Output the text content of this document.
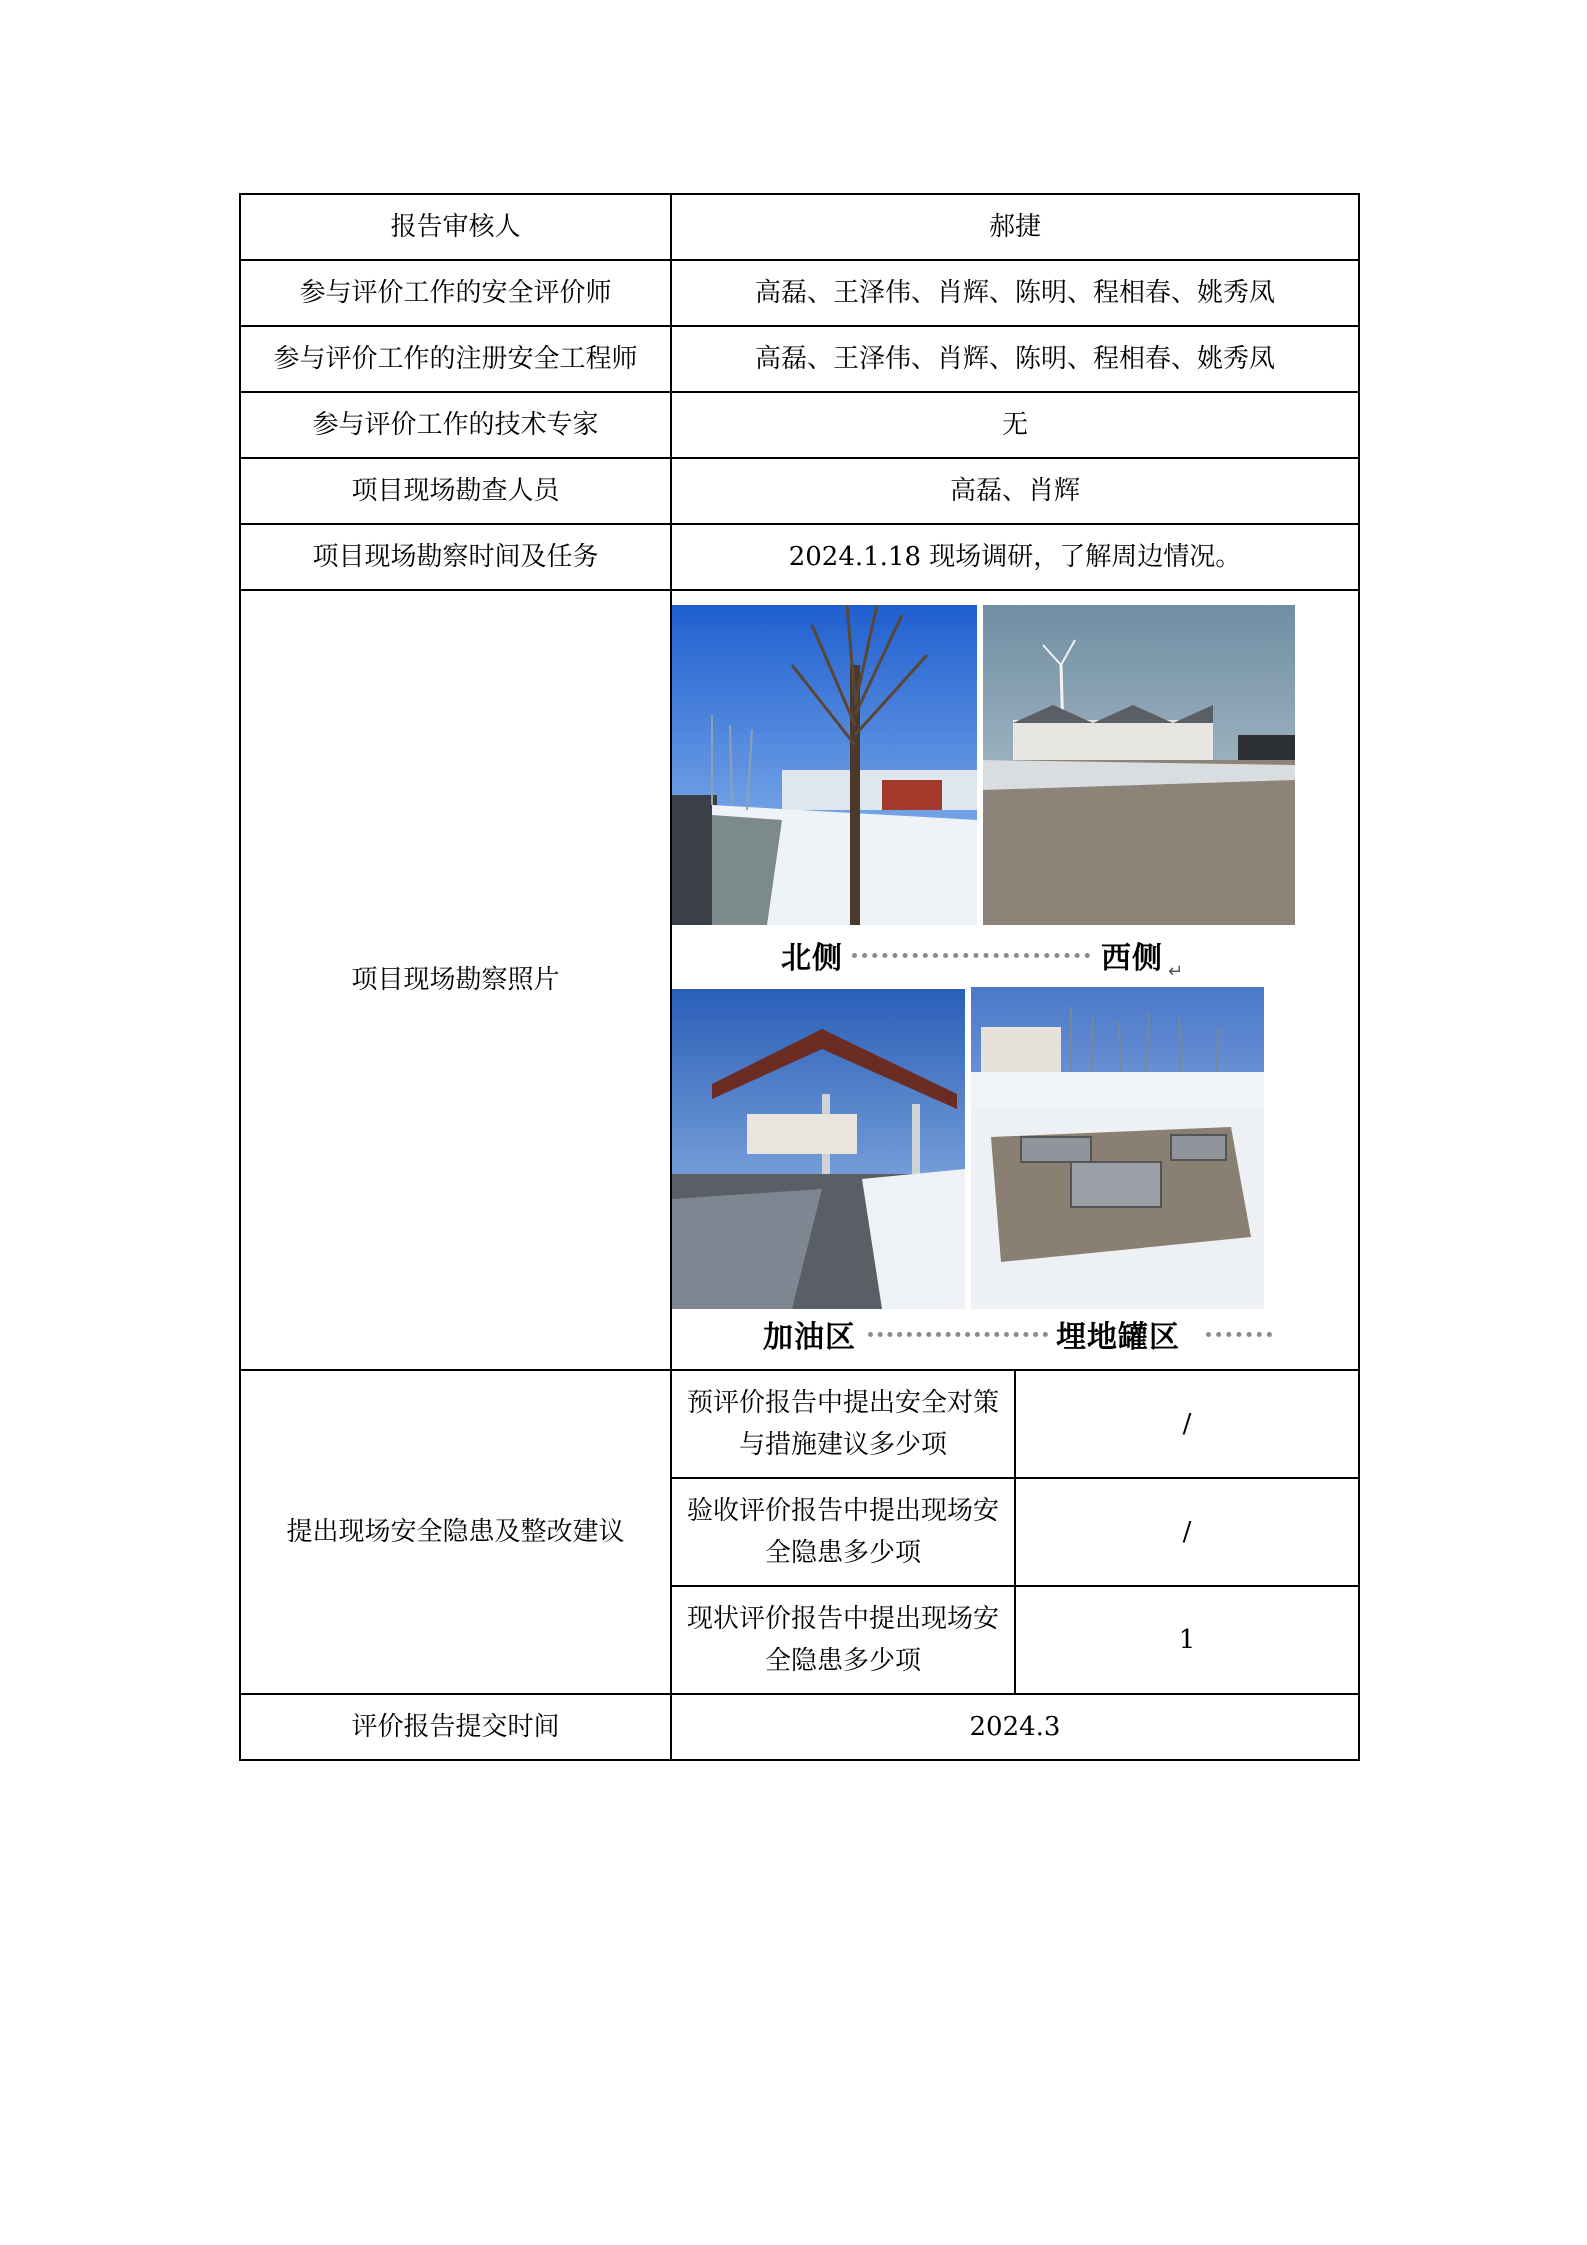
报告审核人	郝捷	
参与评价工作的安全评价师	高磊、王泽伟、肖辉、陈明、程相春、姚秀凤	
参与评价工作的注册安全工程师	高磊、王泽伟、肖辉、陈明、程相春、姚秀凤	
参与评价工作的技术专家	无	
项目现场勘查人员	高磊、肖辉	
项目现场勘察时间及任务	2024.1.18 现场调研，了解周边情况。	
项目现场勘察照片	北侧 西侧 ↵
加油区 埋地罐区	

提出现场安全隐患及整改建议	预评价报告中提出安全对策与措施建议多少项	/
	验收评价报告中提出现场安全隐患多少项	/
	现状评价报告中提出现场安全隐患多少项	1
评价报告提交时间	2024.3	
